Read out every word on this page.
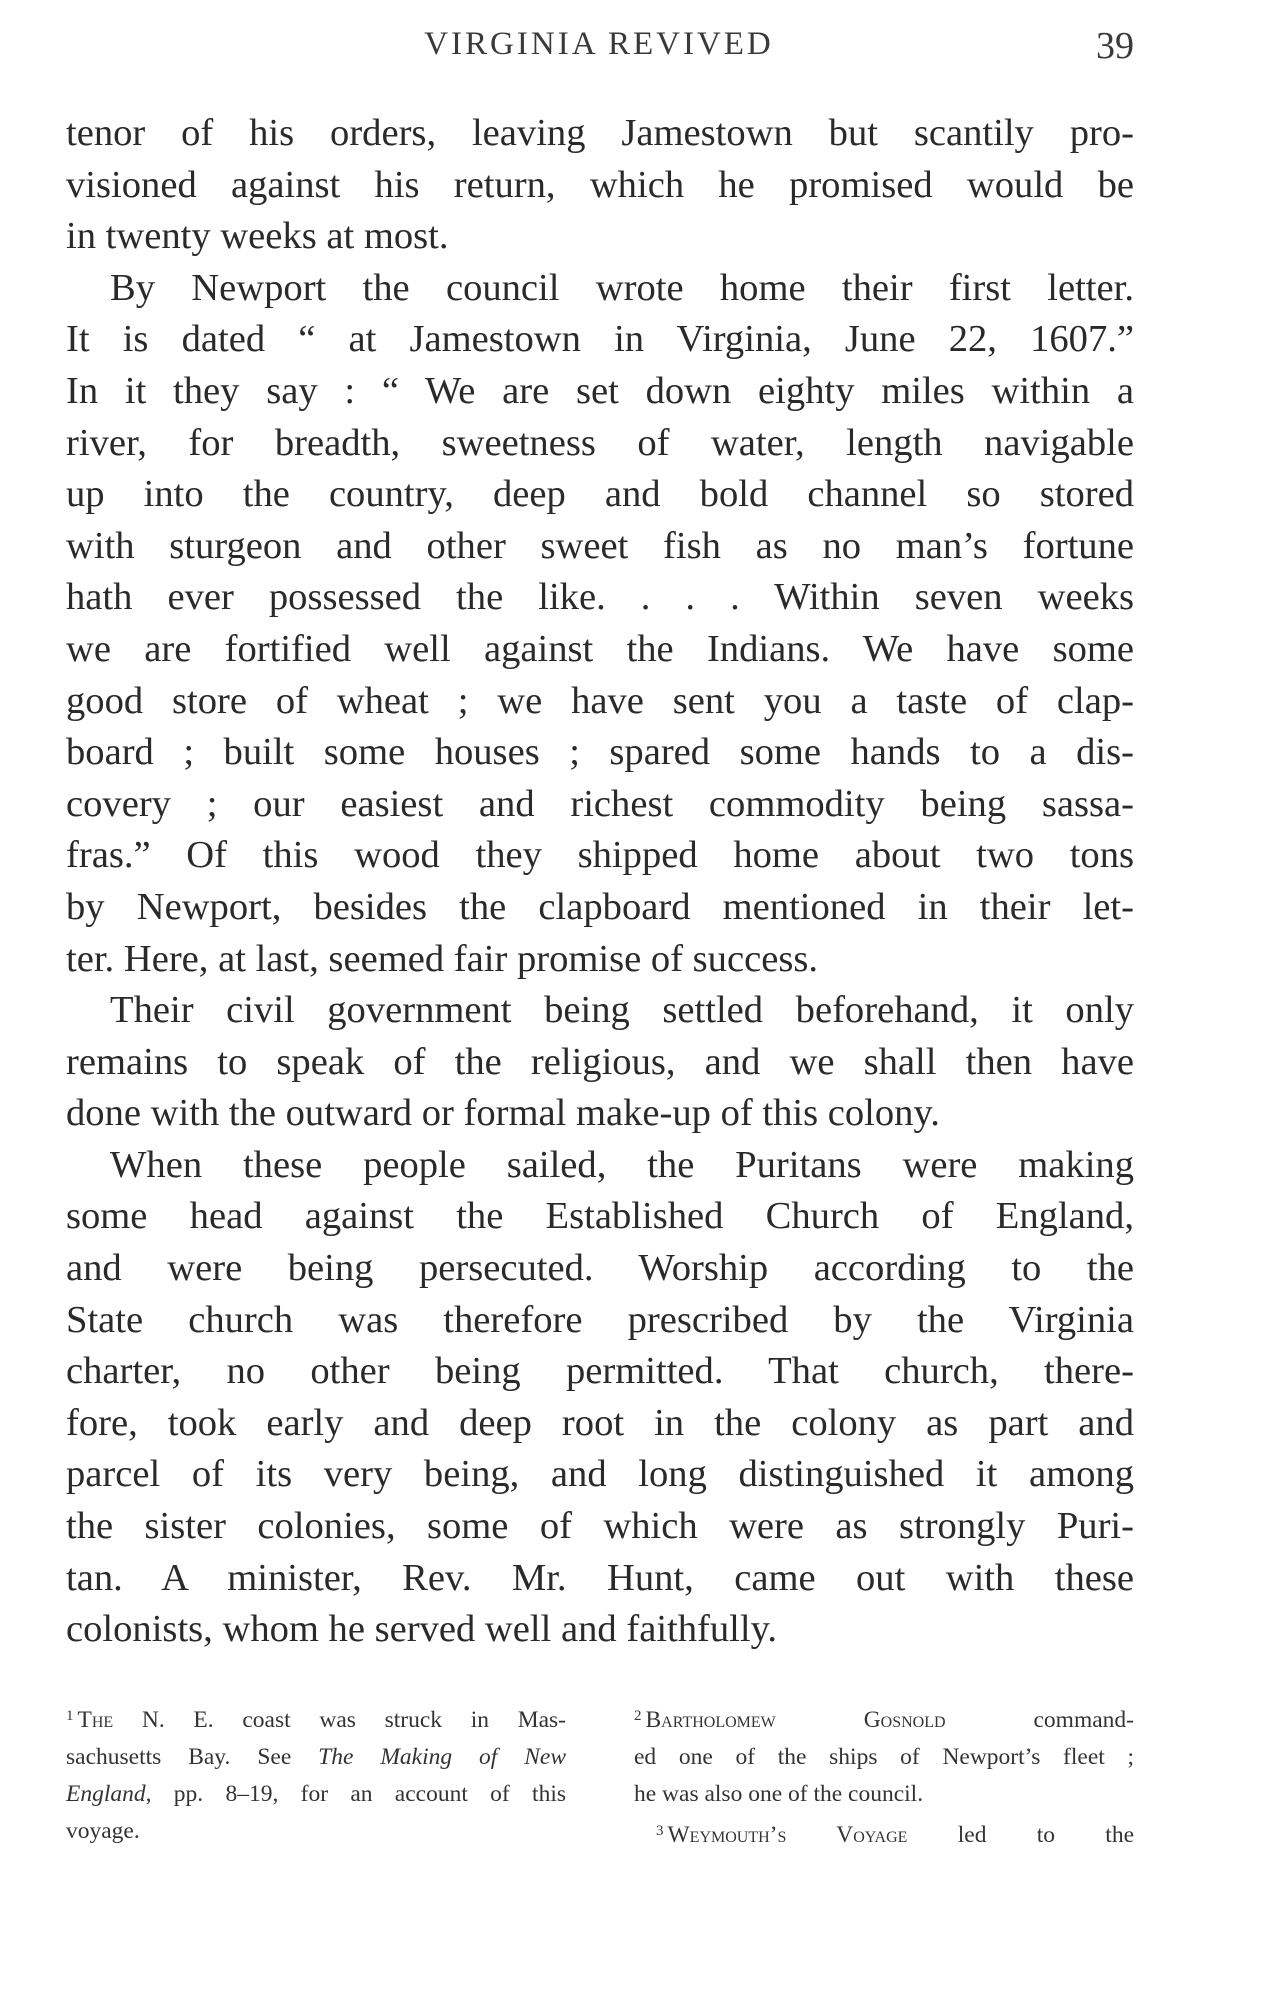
VIRGINIA REVIVED	39

tenor of his orders, leaving Jamestown but scantily pro-
visioned against his return, which he promised would be
in twenty weeks at most.

By Newport the council wrote home their first letter.
It is dated “ at Jamestown in Virginia, June 22, 1607.”
In it they say : “ We are set down eighty miles within a
river, for breadth, sweetness of water, length navigable
up into the country, deep and bold channel so stored
with sturgeon and other sweet fish as no man’s fortune
hath ever possessed the like. . . . Within seven weeks
we are fortified well against the Indians. We have some
good store of wheat ; we have sent you a taste of clap-
board ; built some houses ; spared some hands to a dis-
covery ; our easiest and richest commodity being sassa-
fras.” Of this wood they shipped home about two tons
by Newport, besides the clapboard mentioned in their let-
ter. Here, at last, seemed fair promise of success.

Their civil government being settled beforehand, it only
remains to speak of the religious, and we shall then have
done with the outward or formal make-up of this colony.

When these people sailed, the Puritans were making
some head against the Established Church of England,
and were being persecuted. Worship according to the
State church was therefore prescribed by the Virginia
charter, no other being permitted. That church, there-
fore, took early and deep root in the colony as part and
parcel of its very being, and long distinguished it among
the sister colonies, some of which were as strongly Puri-
tan. A minister, Rev. Mr. Hunt, came out with these
colonists, whom he served well and faithfully.

$^1$ The N. E. coast was struck in Mas-
sachusetts Bay. See The Making of New
England, pp. 8–19, for an account of this
voyage.
$^2$ Bartholomew Gosnold	command-
ed one of the ships of Newport’s fleet ;
he was also one of the council.
$^3$ Weymouth’s Voyage led to the
